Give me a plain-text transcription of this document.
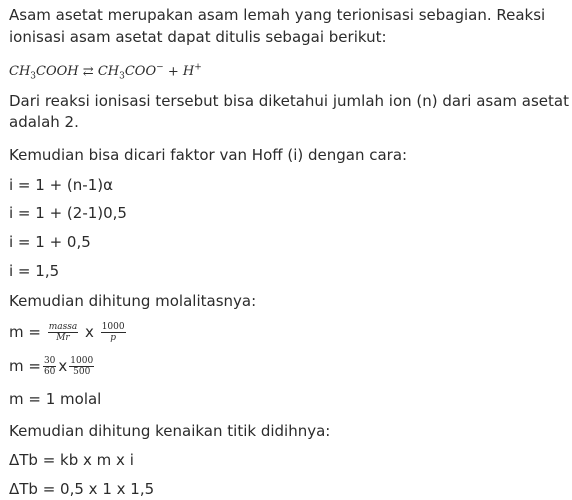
Asam asetat merupakan asam lemah yang terionisasi sebagian. Reaksi
ionisasi asam asetat dapat ditulis sebagai berikut:
$CH_3COOH$ ⇄ $CH_3COO^- + H^+$
Dari reaksi ionisasi tersebut bisa diketahui jumlah ion (n) dari asam asetat
adalah 2.
Kemudian bisa dicari faktor van Hoff (i) dengan cara:
i = 1 + (n-1)α
i = 1 + (2-1)0,5
i = 1 + 0,5
i = 1,5
Kemudian dihitung molalitasnya:
$m = \frac{\text{massa}}{Mr}$ x $\frac{1000}{p}$
$m = \frac{30}{60}$ x $\frac{1000}{500}$
m = 1 molal
Kemudian dihitung kenaikan titik didihnya:
ΔTb = kb x m x i
ΔTb = 0,5 x 1 x 1,5
